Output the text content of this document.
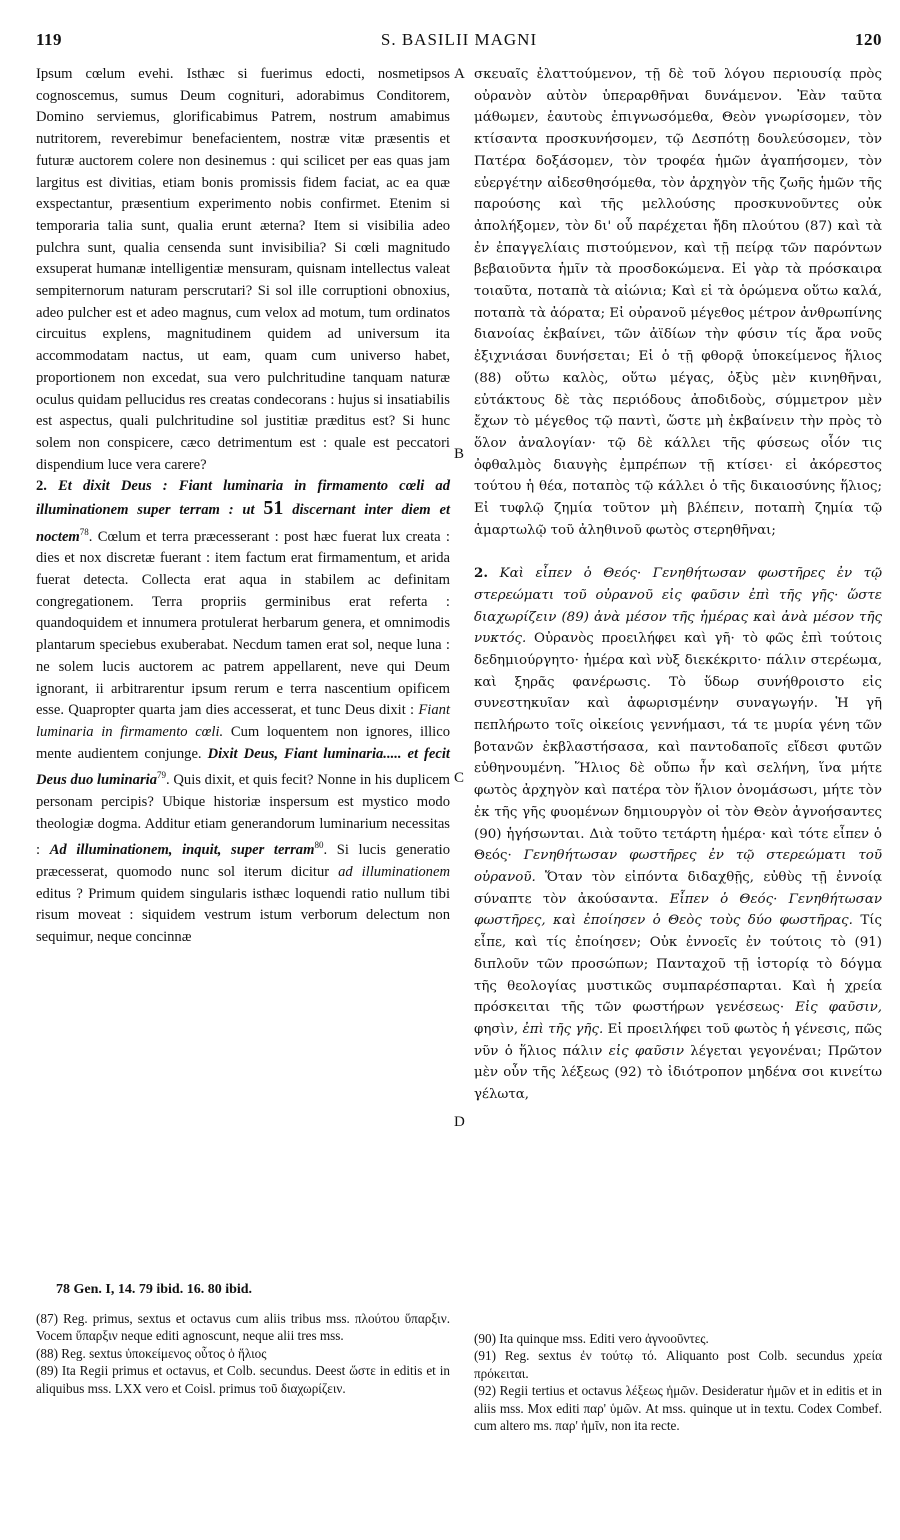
119	S. BASILII MAGNI	120
A
B
C
D

Ipsum cœlum evehi. Isthæc si fuerimus edocti, nosmetipsos cognoscemus, sumus Deum cogniturі, adorabimus Conditorem, Domino serviemus, glorificabimus Patrem, nostrum amabimus nutritorem, reverebimur benefacientem, nostræ vitæ præsentis et futuræ auctorem colere non desinemus : qui scilicet per eas quas jam largitus est divitias, etiam bonis promissis fidem faciat, ac ea quæ exspectantur, præsentium experimento nobis confirmet. Etenim si temporaria talia sunt, qualia erunt æterna? Item si visibilia adeo pulchra sunt, qualia censenda sunt invisibilia? Si cœli magnitudo exsuperat humanæ intelligentiæ mensuram, quisnam intellectus valeat sempiternorum naturam perscrutari? Si sol ille corruptioni obnoxius, adeo pulcher est et adeo magnus, cum velox ad motum, tum ordinatos circuitus explens, magnitudinem quidem ad universum ita accommodatam nactus, ut eam, quam cum universo habet, proportionem non excedat, sua vero pulchritudine tanquam naturæ oculus quidam pellucidus res creatas condecorans : hujus si insatiabilis est aspectus, quali pulchritudine sol justitiæ præditus est? Si hunc solem non conspicere, cæco detrimentum est : quale est peccatori dispendium luce vera carere?

2. Et dixit Deus : Fiant luminaria in firmamento cœli ad illuminationem super terram : ut 51 discernant inter diem et noctem$^{78}$. Cœlum et terra præcesserant : post hæc fuerat lux creata : dies et nox discretæ fuerant : item factum erat firmamentum, et arida fuerat detecta. Collecta erat aqua in stabilem ac definitam congregationem. Terra propriis germinibus erat referta : quandoquidem et innumera protulerat herbarum genera, et omnimodis plantarum speciebus exuberabat. Necdum tamen erat sol, neque luna : ne solem lucis auctorem ac patrem appellarent, neve qui Deum ignorant, ii arbitrarentur ipsum rerum e terra nascentium opificem esse. Quapropter quarta jam dies accesserat, et tunc Deus dixit : Fiant luminaria in firmamento cœli. Cum loquentem non ignores, illico mente audientem conjunge. Dixit Deus, Fiant luminaria..... et fecit Deus duo luminaria$^{79}$. Quis dixit, et quis fecit? Nonne in his duplicem personam percipis? Ubique historiæ inspersum est mystico modo theologiæ dogma. Additur etiam generandorum luminarium necessitas : Ad illuminationem, inquit, super terram$^{80}$. Si lucis generatio præcesserat, quomodo nunc sol iterum dicitur ad illuminationem editus ? Primum quidem singularis isthæc loquendi ratio nullum tibi risum moveat : siquidem vestrum istum verborum delectum non sequimur, neque concinnæ

σκευαῖς ἐλαττούμενον, τῇ δὲ τοῦ λόγου περιουσίᾳ πρὸς οὐρανὸν αὐτὸν ὑπεραρθῆναι δυνάμενον. Ἐὰν ταῦτα μάθωμεν, ἑαυτοὺς ἐπιγνωσόμεθα, Θεὸν γνωρίσομεν, τὸν κτίσαντα προσκυνήσομεν, τῷ Δεσπότῃ δουλεύσομεν, τὸν Πατέρα δοξάσομεν, τὸν τροφέα ἡμῶν ἀγαπήσομεν, τὸν εὐεργέτην αἰδεσθησόμεθα, τὸν ἀρχηγὸν τῆς ζωῆς ἡμῶν τῆς παρούσης καὶ τῆς μελλούσης προσκυνοῦντες οὐκ ἀπολήξομεν, τὸν δι' οὗ παρέχεται ἤδη πλούτου (87) καὶ τὰ ἐν ἐπαγγελίαις πιστούμενον, καὶ τῇ πείρᾳ τῶν παρόντων βεβαιοῦντα ἡμῖν τὰ προσδοκώμενα. Εἰ γὰρ τὰ πρόσκαιρα τοιαῦτα, ποταπὰ τὰ αἰώνια; Καὶ εἰ τὰ ὁρώμενα οὕτω καλά, ποταπὰ τὰ ἀόρατα; Εἰ οὐρανοῦ μέγεθος μέτρον ἀνθρωπίνης διανοίας ἐκβαίνει, τῶν ἀϊδίων τὴν φύσιν τίς ἄρα νοῦς ἐξιχνιάσαι δυνήσεται; Εἰ ὁ τῇ φθορᾷ ὑποκείμενος ἥλιος (88) οὕτω καλὸς, οὕτω μέγας, ὀξὺς μὲν κινηθῆναι, εὐτάκτους δὲ τὰς περιόδους ἀποδιδοὺς, σύμμετρον μὲν ἔχων τὸ μέγεθος τῷ παντὶ, ὥστε μὴ ἐκβαίνειν τὴν πρὸς τὸ ὅλον ἀναλογίαν· τῷ δὲ κάλλει τῆς φύσεως οἷόν τις ὀφθαλμὸς διαυγὴς ἐμπρέπων τῇ κτίσει· εἰ ἀκόρεστος τούτου ἡ θέα, ποταπὸς τῷ κάλλει ὁ τῆς δικαιοσύνης ἥλιος; Εἰ τυφλῷ ζημία τοῦτον μὴ βλέπειν, ποταπὴ ζημία τῷ ἁμαρτωλῷ τοῦ ἀληθινοῦ φωτὸς στερηθῆναι;

2. Καὶ εἶπεν ὁ Θεός· Γενηθήτωσαν φωστῆρες ἐν τῷ στερεώματι τοῦ οὐρανοῦ εἰς φαῦσιν ἐπὶ τῆς γῆς· ὥστε διαχωρίζειν (89) ἀνὰ μέσον τῆς ἡμέρας καὶ ἀνὰ μέσον τῆς νυκτός. Οὐρανὸς προειλήφει καὶ γῆ· τὸ φῶς ἐπὶ τούτοις δεδημιούργητο· ἡμέρα καὶ νὺξ διεκέκριτο· πάλιν στερέωμα, καὶ ξηρᾶς φανέρωσις. Τὸ ὕδωρ συνήθροιστο εἰς συνεστηκυῖαν καὶ ἀφωρισμένην συναγωγήν. Ἡ γῆ πεπλήρωτο τοῖς οἰκείοις γεννήμασι, τά τε μυρία γένη τῶν βοτανῶν ἐκβλαστήσασα, καὶ παντοδαποῖς εἴδεσι φυτῶν εὐθηνουμένη. Ἥλιος δὲ οὔπω ἦν καὶ σελήνη, ἵνα μήτε φωτὸς ἀρχηγὸν καὶ πατέρα τὸν ἥλιον ὀνομάσωσι, μήτε τὸν ἐκ τῆς γῆς φυομένων δημιουργὸν οἱ τὸν Θεὸν ἀγνοήσαντες (90) ἡγήσωνται. Διὰ τοῦτο τετάρτη ἡμέρα· καὶ τότε εἶπεν ὁ Θεός· Γενηθήτωσαν φωστῆρες ἐν τῷ στερεώματι τοῦ οὐρανοῦ. Ὅταν τὸν εἰπόντα διδαχθῇς, εὐθὺς τῇ ἐννοίᾳ σύναπτε τὸν ἀκούσαντα. Εἶπεν ὁ Θεός· Γενηθήτωσαν φωστῆρες, καὶ ἐποίησεν ὁ Θεὸς τοὺς δύο φωστῆρας. Τίς εἶπε, καὶ τίς ἐποίησεν; Οὐκ ἐννοεῖς ἐν τούτοις τὸ (91) διπλοῦν τῶν προσώπων; Πανταχοῦ τῇ ἱστορίᾳ τὸ δόγμα τῆς θεολογίας μυστικῶς συμπαρέσπαρται. Καὶ ἡ χρεία πρόσκειται τῆς τῶν φωστήρων γενέσεως· Εἰς φαῦσιν, φησὶν, ἐπὶ τῆς γῆς. Εἰ προειλήφει τοῦ φωτὸς ἡ γένεσις, πῶς νῦν ὁ ἥλιος πάλιν εἰς φαῦσιν λέγεται γεγονέναι; Πρῶτον μὲν οὖν τῆς λέξεως (92) τὸ ἰδιότροπον μηδένα σοι κινείτω γέλωτα,

78 Gen. I, 14. 79 ibid. 16. 80 ibid.

(87) Reg. primus, sextus et octavus cum aliis tribus mss. πλούτου ὕπαρξιν. Vocem ὕπαρξιν neque editi agnoscunt, neque alii tres mss.

(88) Reg. sextus ὑποκείμενος οὗτος ὁ ἥλιος

(89) Ita Regii primus et octavus, et Colb. secundus. Deest ὥστε in editis et in aliquibus mss. LXX vero et Coisl. primus τοῦ διαχωρίζειν.

(90) Ita quinque mss. Editi vero ἀγνοοῦντες.

(91) Reg. sextus ἐν τούτῳ τό. Aliquanto post Colb. secundus χρεία πρόκειται.

(92) Regii tertius et octavus λέξεως ἡμῶν. Desideratur ἡμῶν et in editis et in aliis mss. Mox editi παρ' ὑμῶν. At mss. quinque ut in textu. Codex Combef. cum altero ms. παρ' ἡμῖν, non ita recte.
